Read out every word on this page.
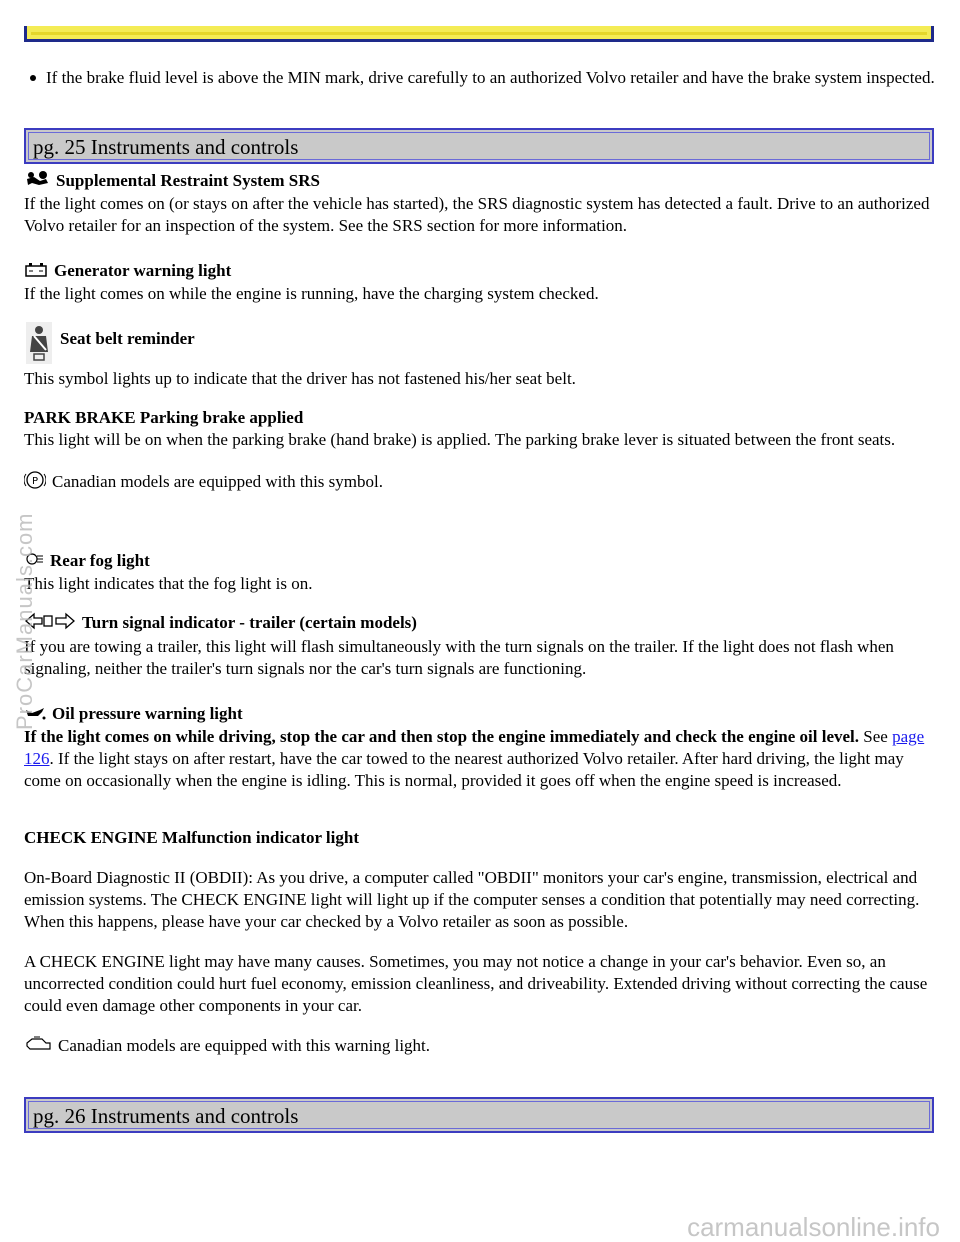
If the brake fluid level is above the MIN mark, drive carefully to an authorized Volvo retailer and have the brake system inspected.
pg. 25 Instruments and controls
Supplemental Restraint System SRS
If the light comes on (or stays on after the vehicle has started), the SRS diagnostic system has detected a fault. Drive to an authorized Volvo retailer for an inspection of the system. See the SRS section for more information.
Generator warning light
If the light comes on while the engine is running, have the charging system checked.
Seat belt reminder
This symbol lights up to indicate that the driver has not fastened his/her seat belt.
PARK BRAKE Parking brake applied
This light will be on when the parking brake (hand brake) is applied. The parking brake lever is situated between the front seats.
P Canadian models are equipped with this symbol.
Rear fog light
This light indicates that the fog light is on.
Turn signal indicator - trailer (certain models)
If you are towing a trailer, this light will flash simultaneously with the turn signals on the trailer. If the light does not flash when signaling, neither the trailer's turn signals nor the car's turn signals are functioning.
Oil pressure warning light
If the light comes on while driving, stop the car and then stop the engine immediately and check the engine oil level. See page 126. If the light stays on after restart, have the car towed to the nearest authorized Volvo retailer. After hard driving, the light may come on occasionally when the engine is idling. This is normal, provided it goes off when the engine speed is increased.
CHECK ENGINE Malfunction indicator light
On-Board Diagnostic II (OBDII): As you drive, a computer called "OBDII" monitors your car's engine, transmission, electrical and emission systems. The CHECK ENGINE light will light up if the computer senses a condition that potentially may need correcting. When this happens, please have your car checked by a Volvo retailer as soon as possible.
A CHECK ENGINE light may have many causes. Sometimes, you may not notice a change in your car's behavior. Even so, an uncorrected condition could hurt fuel economy, emission cleanliness, and driveability. Extended driving without correcting the cause could even damage other components in your car.
Canadian models are equipped with this warning light.
pg. 26 Instruments and controls
ProCarManuals.com
carmanualsonline.info
